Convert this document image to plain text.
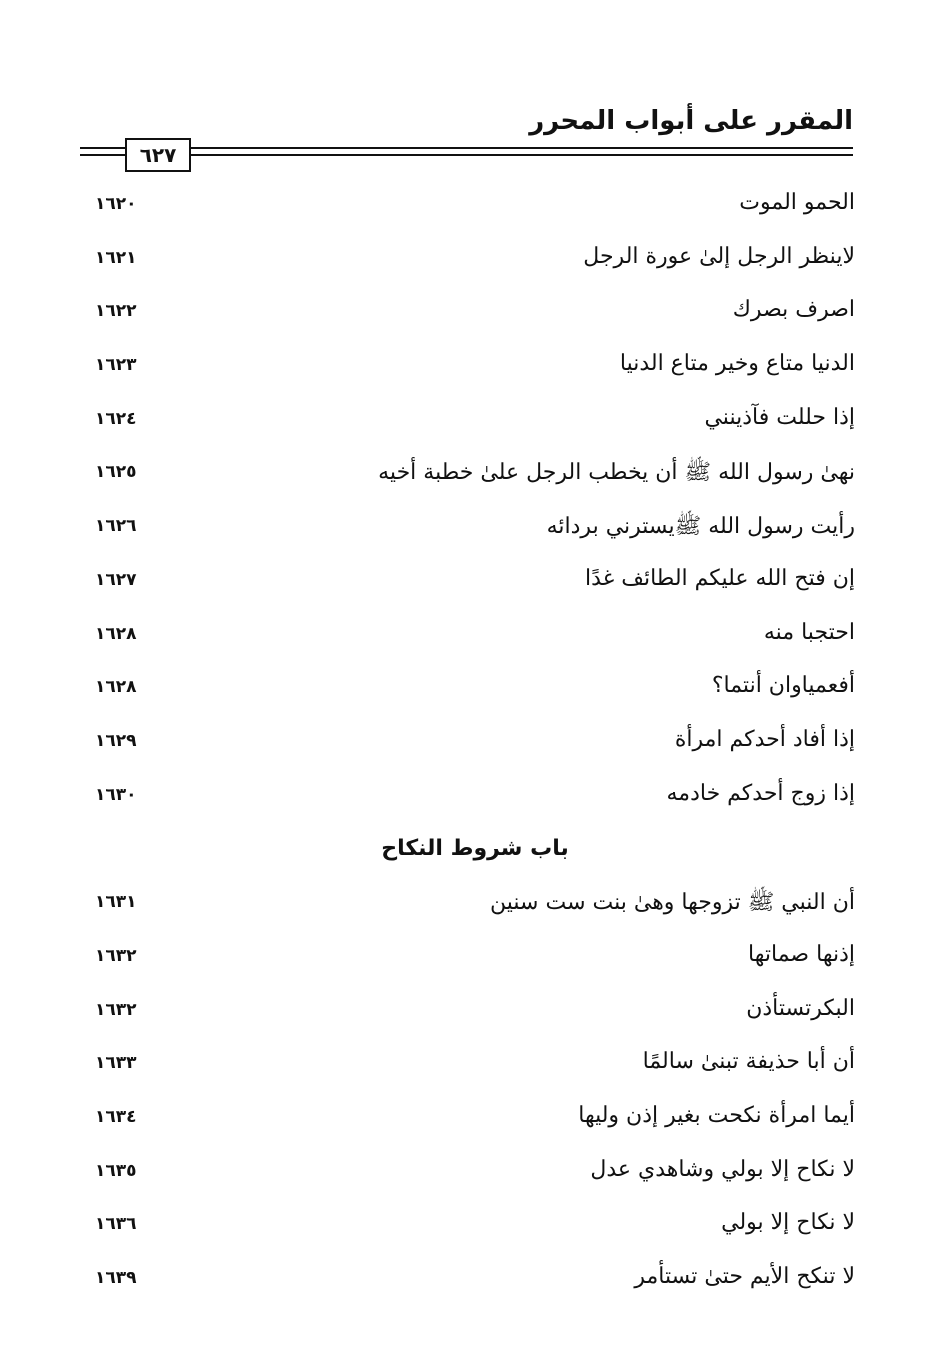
المقرر على أبواب المحرر
٦٢٧
الحمو الموت
١٦٢٠
لاينظر الرجل إلىٰ عورة الرجل
١٦٢١
اصرف بصرك
١٦٢٢
الدنيا متاع وخير متاع الدنيا
١٦٢٣
إذا حللت فآذينني
١٦٢٤
نهىٰ رسول الله ﷺ أن يخطب الرجل علىٰ خطبة أخيه
١٦٢٥
رأيت رسول الله ﷺيسترني بردائه
١٦٢٦
إن فتح الله عليكم الطائف غدًا
١٦٢٧
احتجبا منه
١٦٢٨
أفعمياوان أنتما؟
١٦٢٨
إذا أفاد أحدكم امرأة
١٦٢٩
إذا زوج أحدكم خادمه
١٦٣٠
باب شروط النكاح
أن النبي ﷺ تزوجها وهىٰ بنت ست سنين
١٦٣١
إذنها صماتها
١٦٣٢
البكرتستأذن
١٦٣٢
أن أبا حذيفة تبنىٰ سالمًا
١٦٣٣
أيما امرأة نكحت بغير إذن وليها
١٦٣٤
لا نكاح إلا بولي وشاهدي عدل
١٦٣٥
لا نكاح إلا بولي
١٦٣٦
لا تنكح الأيم حتىٰ تستأمر
١٦٣٩
